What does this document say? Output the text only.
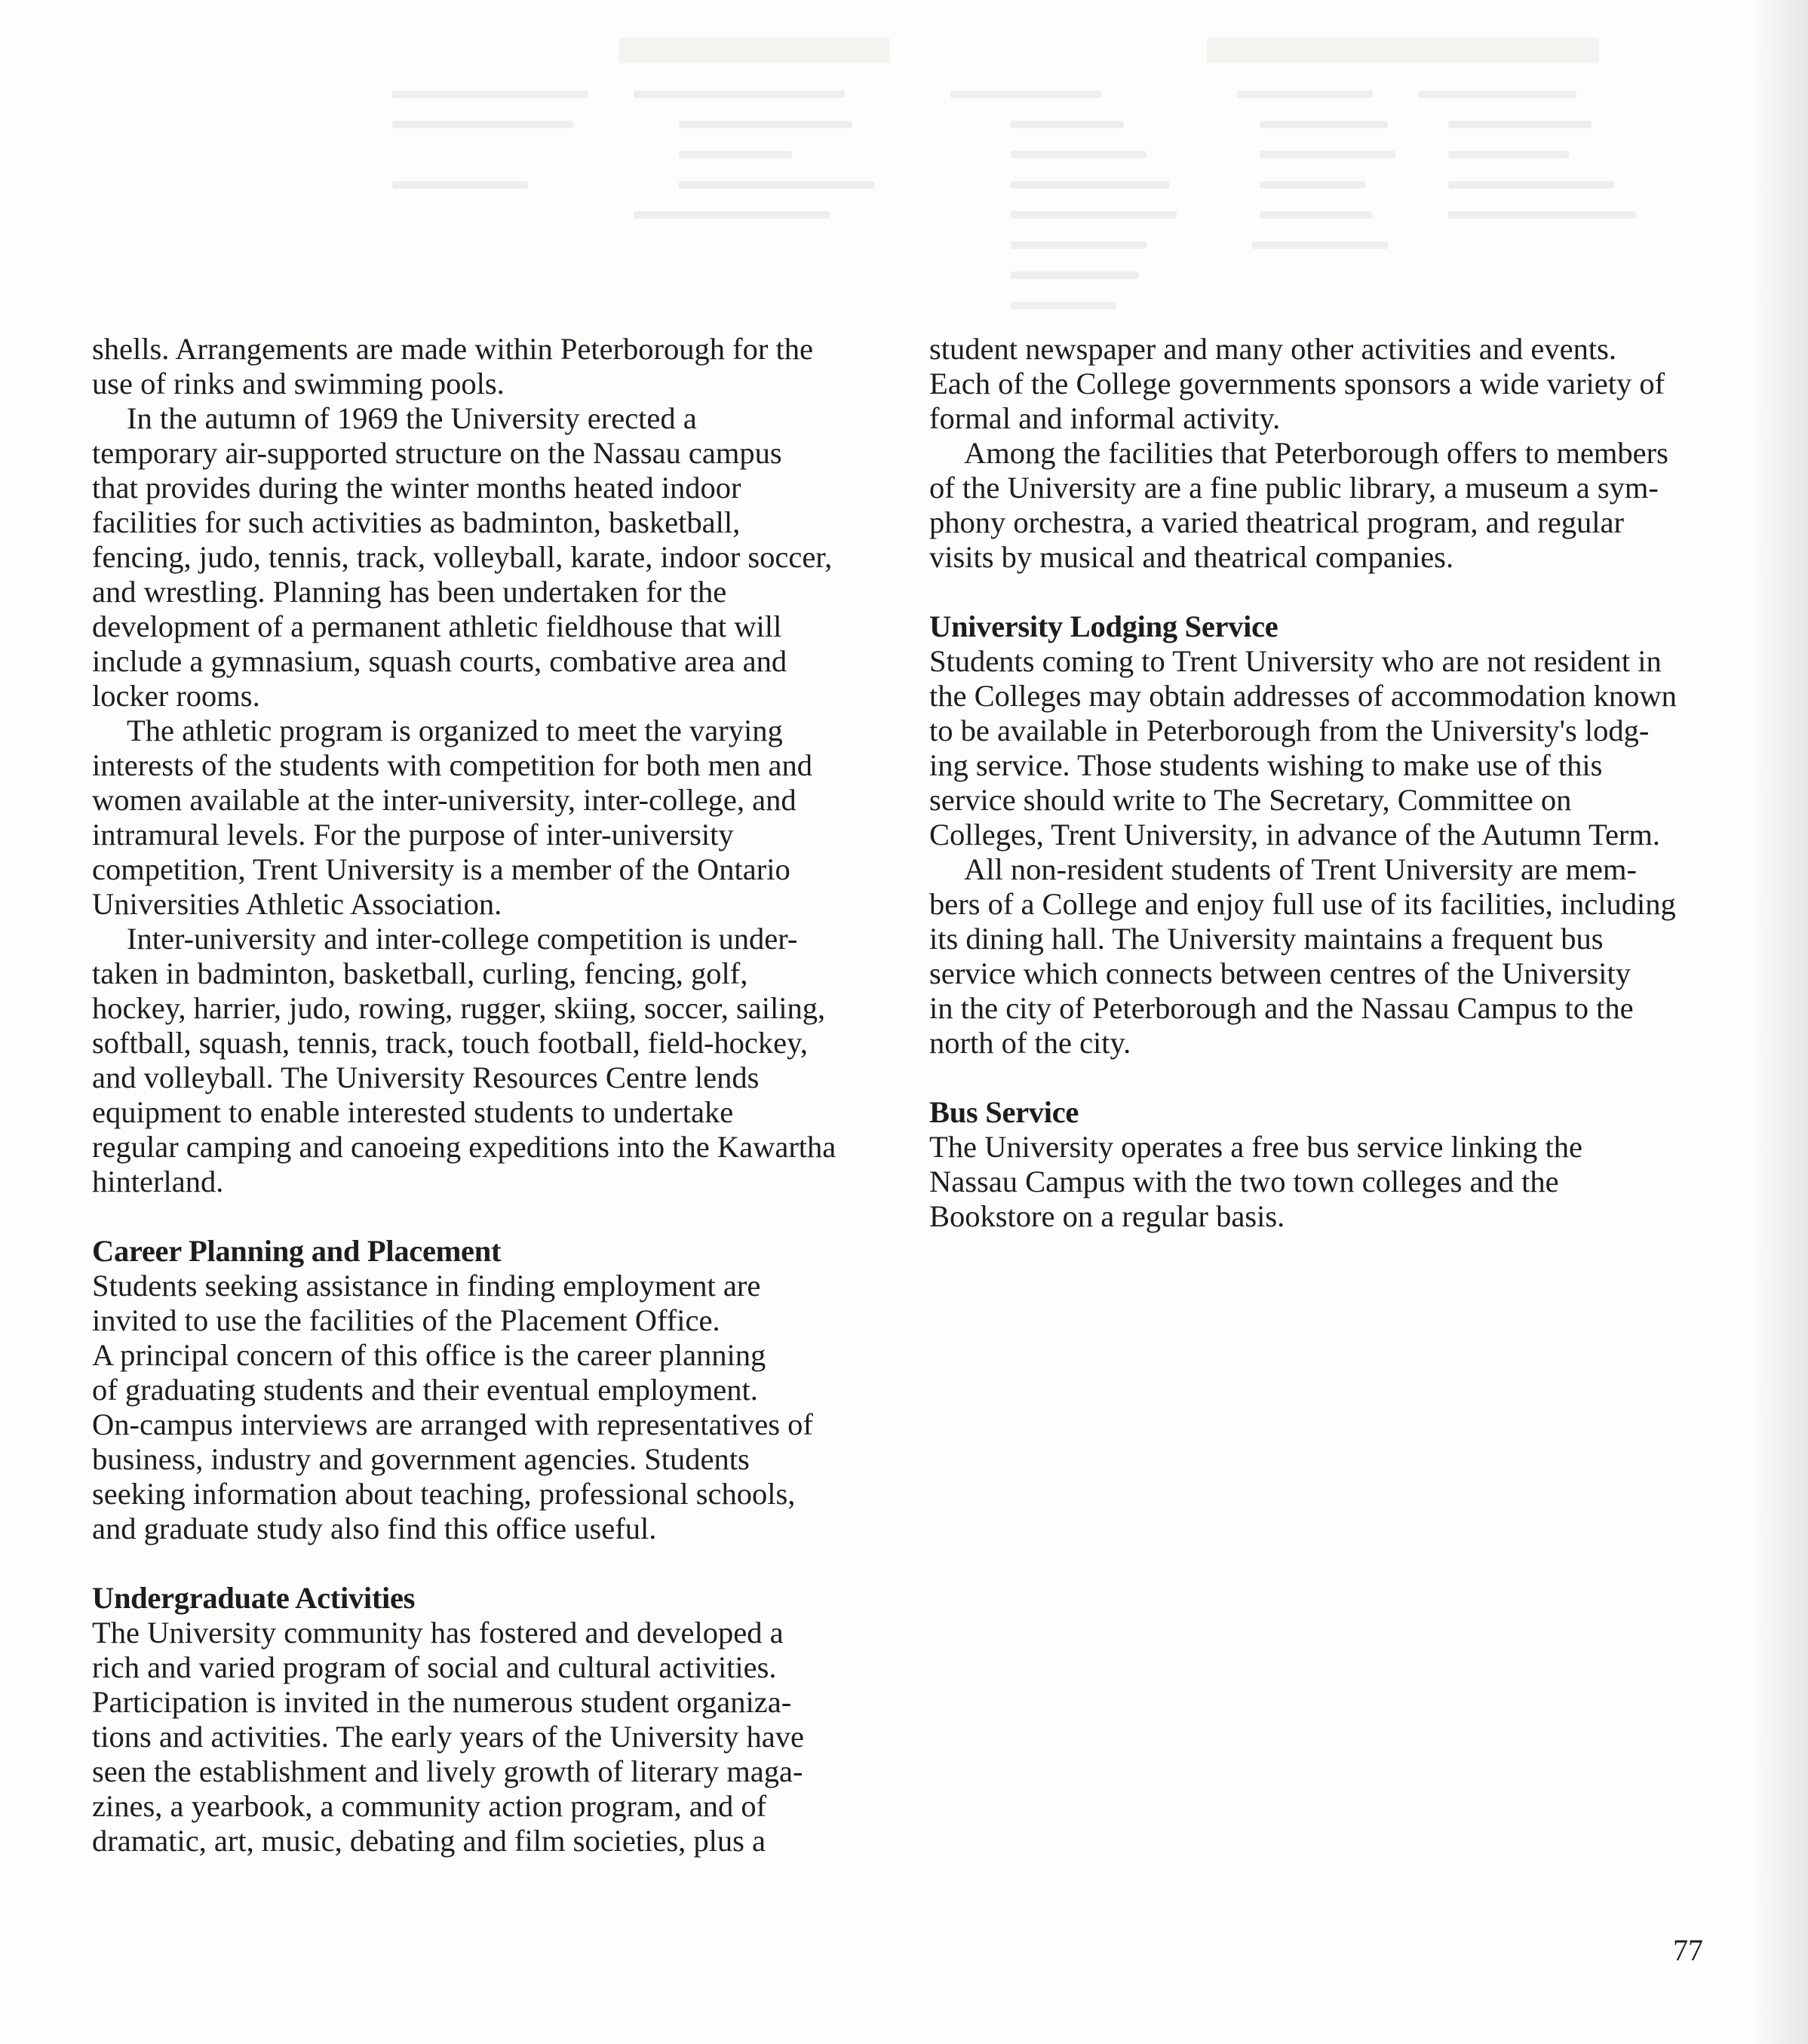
shells. Arrangements are made within Peterborough for the
use of rinks and swimming pools.
In the autumn of 1969 the University erected a
temporary air-supported structure on the Nassau campus
that provides during the winter months heated indoor
facilities for such activities as badminton, basketball,
fencing, judo, tennis, track, volleyball, karate, indoor soccer,
and wrestling. Planning has been undertaken for the
development of a permanent athletic fieldhouse that will
include a gymnasium, squash courts, combative area and
locker rooms.
The athletic program is organized to meet the varying
interests of the students with competition for both men and
women available at the inter-university, inter-college, and
intramural levels. For the purpose of inter-university
competition, Trent University is a member of the Ontario
Universities Athletic Association.
Inter-university and inter-college competition is under-
taken in badminton, basketball, curling, fencing, golf,
hockey, harrier, judo, rowing, rugger, skiing, soccer, sailing,
softball, squash, tennis, track, touch football, field-hockey,
and volleyball. The University Resources Centre lends
equipment to enable interested students to undertake
regular camping and canoeing expeditions into the Kawartha
hinterland.
Career Planning and Placement
Students seeking assistance in finding employment are
invited to use the facilities of the Placement Office.
A principal concern of this office is the career planning
of graduating students and their eventual employment.
On-campus interviews are arranged with representatives of
business, industry and government agencies. Students
seeking information about teaching, professional schools,
and graduate study also find this office useful.
Undergraduate Activities
The University community has fostered and developed a
rich and varied program of social and cultural activities.
Participation is invited in the numerous student organiza-
tions and activities. The early years of the University have
seen the establishment and lively growth of literary maga-
zines, a yearbook, a community action program, and of
dramatic, art, music, debating and film societies, plus a
student newspaper and many other activities and events.
Each of the College governments sponsors a wide variety of
formal and informal activity.
Among the facilities that Peterborough offers to members
of the University are a fine public library, a museum a sym-
phony orchestra, a varied theatrical program, and regular
visits by musical and theatrical companies.
University Lodging Service
Students coming to Trent University who are not resident in
the Colleges may obtain addresses of accommodation known
to be available in Peterborough from the University's lodg-
ing service. Those students wishing to make use of this
service should write to The Secretary, Committee on
Colleges, Trent University, in advance of the Autumn Term.
All non-resident students of Trent University are mem-
bers of a College and enjoy full use of its facilities, including
its dining hall. The University maintains a frequent bus
service which connects between centres of the University
in the city of Peterborough and the Nassau Campus to the
north of the city.
Bus Service
The University operates a free bus service linking the
Nassau Campus with the two town colleges and the
Bookstore on a regular basis.
77
